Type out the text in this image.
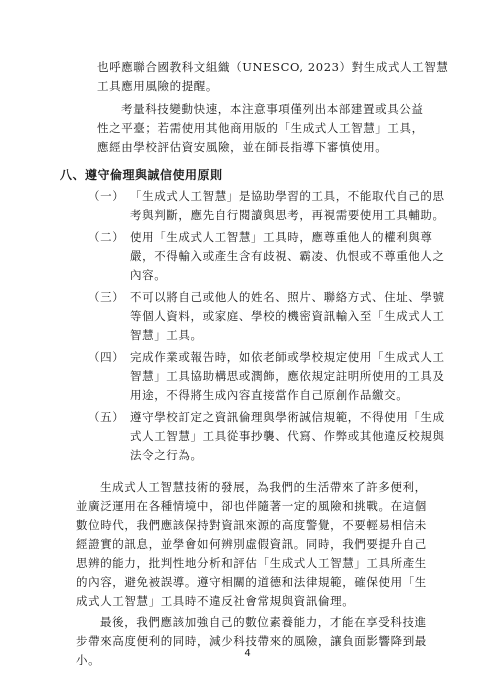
也呼應聯合國教科文組織（UNESCO, 2023）對生成式人工智慧
工具應用風險的提醒。
考量科技變動快速，本注意事項僅列出本部建置或具公益
性之平臺；若需使用其他商用版的「生成式人工智慧」工具，
應經由學校評估資安風險，並在師長指導下審慎使用。
八、遵守倫理與誠信使用原則
（一） 「生成式人工智慧」是協助學習的工具，不能取代自己的思
考與判斷，應先自行閱讀與思考，再視需要使用工具輔助。
（二） 使用「生成式人工智慧」工具時，應尊重他人的權利與尊
嚴，不得輸入或產生含有歧視、霸凌、仇恨或不尊重他人之
內容。
（三） 不可以將自己或他人的姓名、照片、聯絡方式、住址、學號
等個人資料，或家庭、學校的機密資訊輸入至「生成式人工
智慧」工具。
（四） 完成作業或報告時，如依老師或學校規定使用「生成式人工
智慧」工具協助構思或潤飾，應依規定註明所使用的工具及
用途，不得將生成內容直接當作自己原創作品繳交。
（五） 遵守學校訂定之資訊倫理與學術誠信規範，不得使用「生成
式人工智慧」工具從事抄襲、代寫、作弊或其他違反校規與
法令之行為。
生成式人工智慧技術的發展，為我們的生活帶來了許多便利，
並廣泛運用在各種情境中，卻也伴隨著一定的風險和挑戰。在這個
數位時代，我們應該保持對資訊來源的高度警覺，不要輕易相信未
經證實的訊息，並學會如何辨別虛假資訊。同時，我們要提升自己
思辨的能力，批判性地分析和評估「生成式人工智慧」工具所產生
的內容，避免被誤導。遵守相關的道德和法律規範，確保使用「生
成式人工智慧」工具時不違反社會常規與資訊倫理。
最後，我們應該加強自己的數位素養能力，才能在享受科技進
步帶來高度便利的同時，減少科技帶來的風險，讓負面影響降到最
小。	4
